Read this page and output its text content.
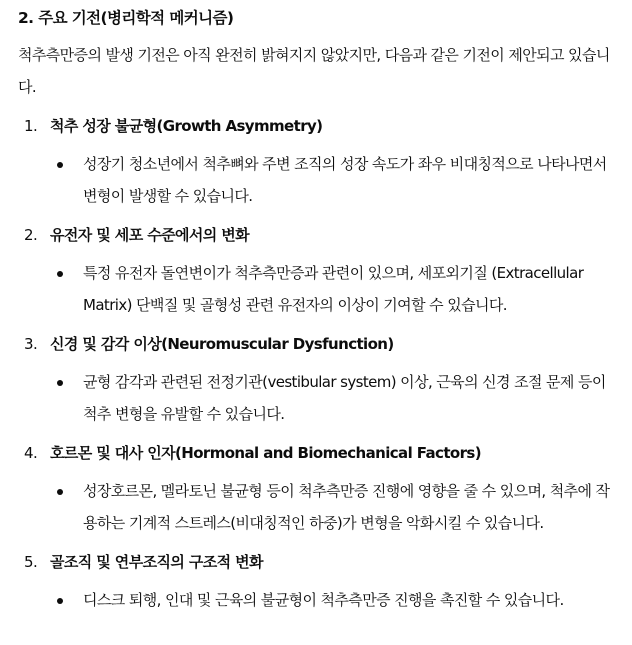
2. 주요 기전(병리학적 메커니즘)

척추측만증의 발생 기전은 아직 완전히 밝혀지지 않았지만, 다음과 같은 기전이 제안되고 있습니다.

1. 척추 성장 불균형(Growth Asymmetry)
성장기 청소년에서 척추뼈와 주변 조직의 성장 속도가 좌우 비대칭적으로 나타나면서 변형이 발생할 수 있습니다.
2. 유전자 및 세포 수준에서의 변화
특정 유전자 돌연변이가 척추측만증과 관련이 있으며, 세포외기질 (Extracellular Matrix) 단백질 및 골형성 관련 유전자의 이상이 기여할 수 있습니다.
3. 신경 및 감각 이상(Neuromuscular Dysfunction)
균형 감각과 관련된 전정기관(vestibular system) 이상, 근육의 신경 조절 문제 등이 척추 변형을 유발할 수 있습니다.
4. 호르몬 및 대사 인자(Hormonal and Biomechanical Factors)
성장호르몬, 멜라토닌 불균형 등이 척추측만증 진행에 영향을 줄 수 있으며, 척추에 작용하는 기계적 스트레스(비대칭적인 하중)가 변형을 악화시킬 수 있습니다.
5. 골조직 및 연부조직의 구조적 변화
디스크 퇴행, 인대 및 근육의 불균형이 척추측만증 진행을 촉진할 수 있습니다.
